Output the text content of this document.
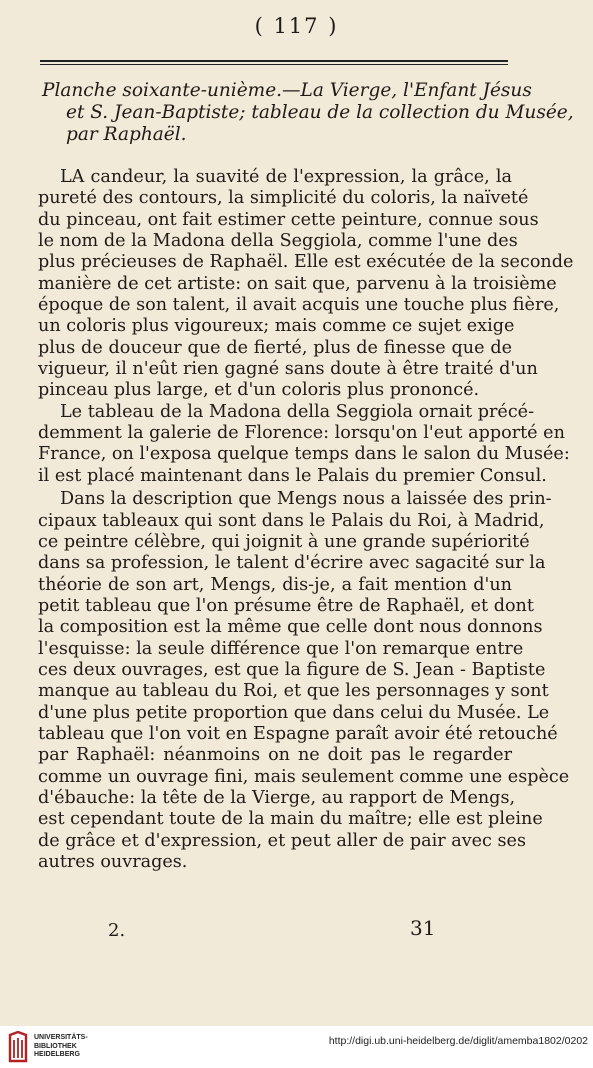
( 117 )
Planche soixante-unième.—La Vierge, l'Enfant Jésus
et S. Jean-Baptiste; tableau de la collection du Musée,
par Raphaël.
LA candeur, la suavité de l'expression, la grâce, la
pureté des contours, la simplicité du coloris, la naïveté
du pinceau, ont fait estimer cette peinture, connue sous
le nom de la Madona della Seggiola, comme l'une des
plus précieuses de Raphaël. Elle est exécutée de la seconde
manière de cet artiste: on sait que, parvenu à la troisième
époque de son talent, il avait acquis une touche plus fière,
un coloris plus vigoureux; mais comme ce sujet exige
plus de douceur que de fierté, plus de finesse que de
vigueur, il n'eût rien gagné sans doute à être traité d'un
pinceau plus large, et d'un coloris plus prononcé.
Le tableau de la Madona della Seggiola ornait précé-
demment la galerie de Florence: lorsqu'on l'eut apporté en
France, on l'exposa quelque temps dans le salon du Musée:
il est placé maintenant dans le Palais du premier Consul.
Dans la description que Mengs nous a laissée des prin-
cipaux tableaux qui sont dans le Palais du Roi, à Madrid,
ce peintre célèbre, qui joignit à une grande supériorité
dans sa profession, le talent d'écrire avec sagacité sur la
théorie de son art, Mengs, dis-je, a fait mention d'un
petit tableau que l'on présume être de Raphaël, et dont
la composition est la même que celle dont nous donnons
l'esquisse: la seule différence que l'on remarque entre
ces deux ouvrages, est que la figure de S. Jean - Baptiste
manque au tableau du Roi, et que les personnages y sont
d'une plus petite proportion que dans celui du Musée. Le
tableau que l'on voit en Espagne paraît avoir été retouché
par Raphaël: néanmoins on ne doit pas le regarder
comme un ouvrage fini, mais seulement comme une espèce
d'ébauche: la tête de la Vierge, au rapport de Mengs,
est cependant toute de la main du maître; elle est pleine
de grâce et d'expression, et peut aller de pair avec ses
autres ouvrages.
2.	31
UNIVERSITÄTS-
BIBLIOTHEK
HEIDELBERG
http://digi.ub.uni-heidelberg.de/diglit/amemba1802/0202
